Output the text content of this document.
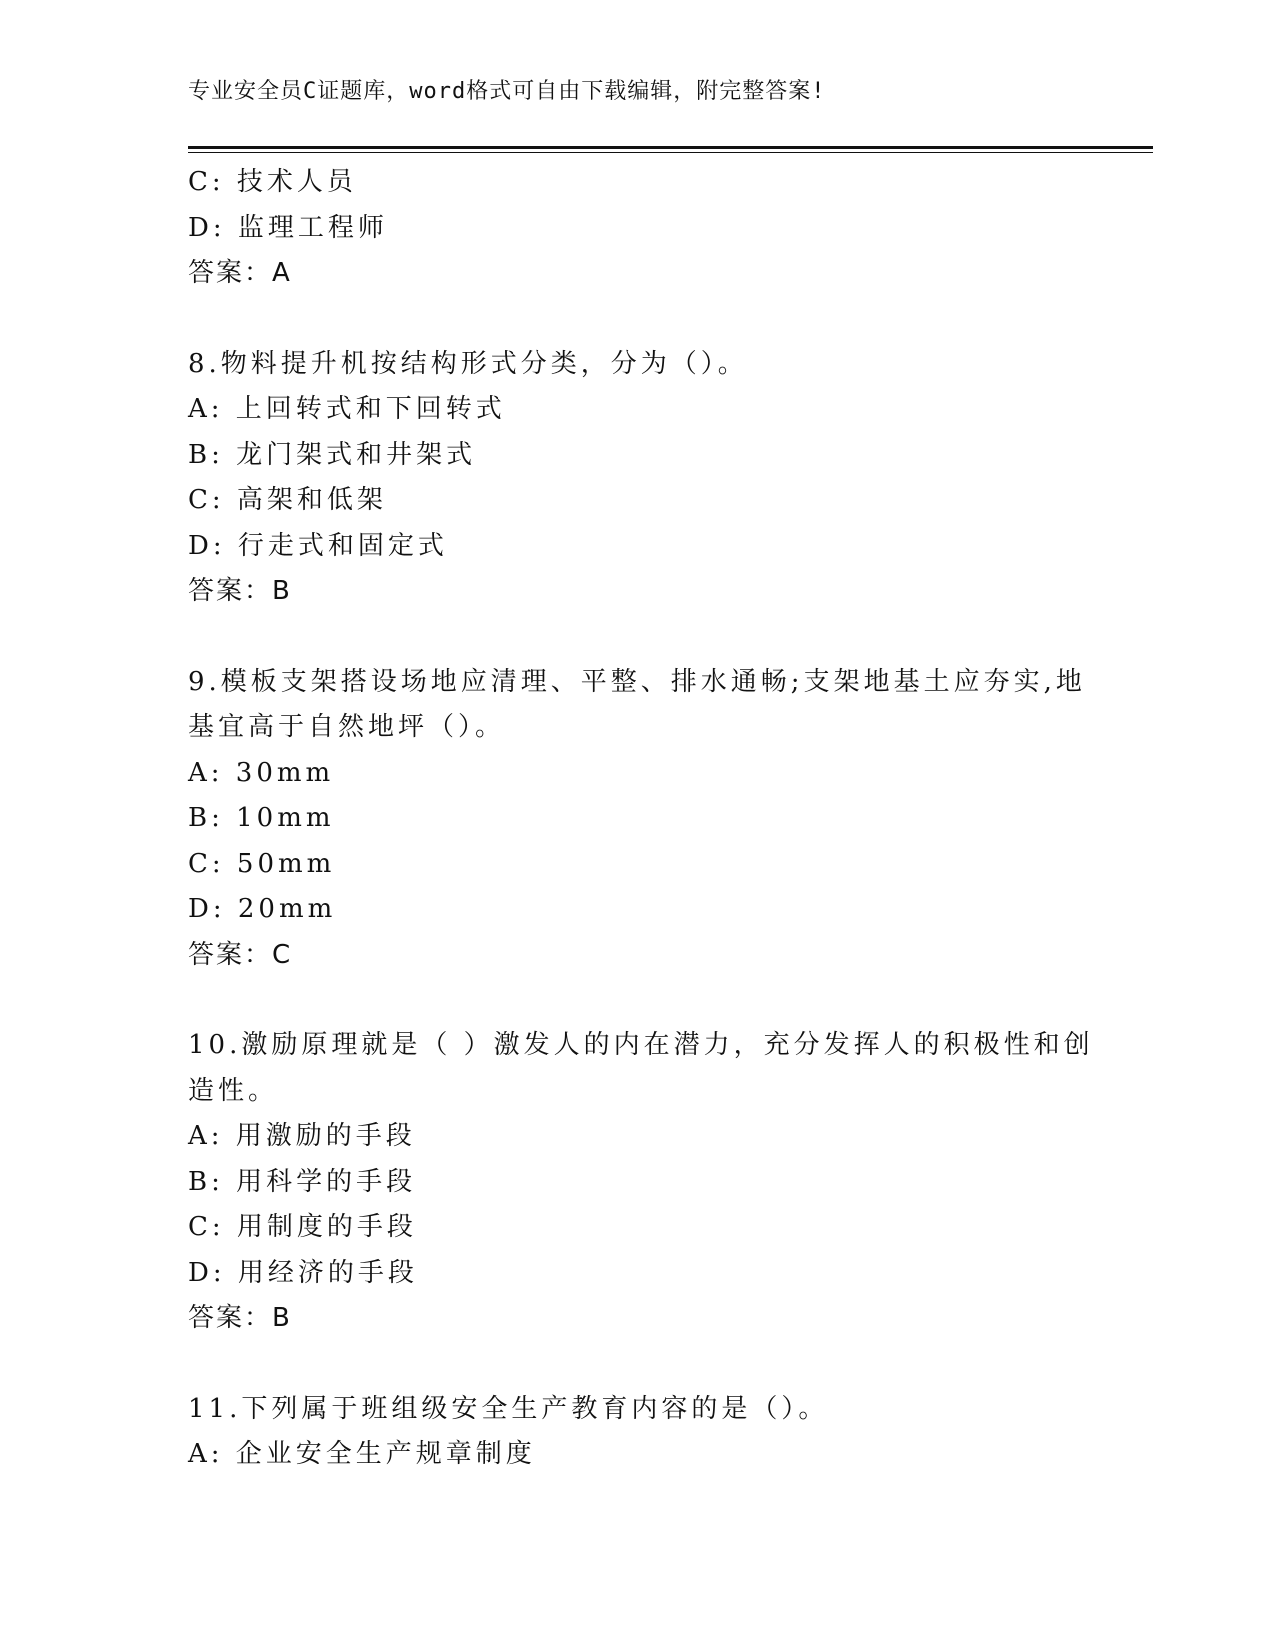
专业安全员C证题库，word格式可自由下载编辑，附完整答案!
C: 技术人员
D: 监理工程师
答案：A
8.物料提升机按结构形式分类，分为（）。
A: 上回转式和下回转式
B: 龙门架式和井架式
C: 高架和低架
D: 行走式和固定式
答案：B
9.模板支架搭设场地应清理、平整、排水通畅;支架地基土应夯实,地
基宜高于自然地坪（）。
A: 30mm
B: 10mm
C: 50mm
D: 20mm
答案：C
10.激励原理就是（ ）激发人的内在潜力，充分发挥人的积极性和创
造性。
A: 用激励的手段
B: 用科学的手段
C: 用制度的手段
D: 用经济的手段
答案：B
11.下列属于班组级安全生产教育内容的是（）。
A: 企业安全生产规章制度
